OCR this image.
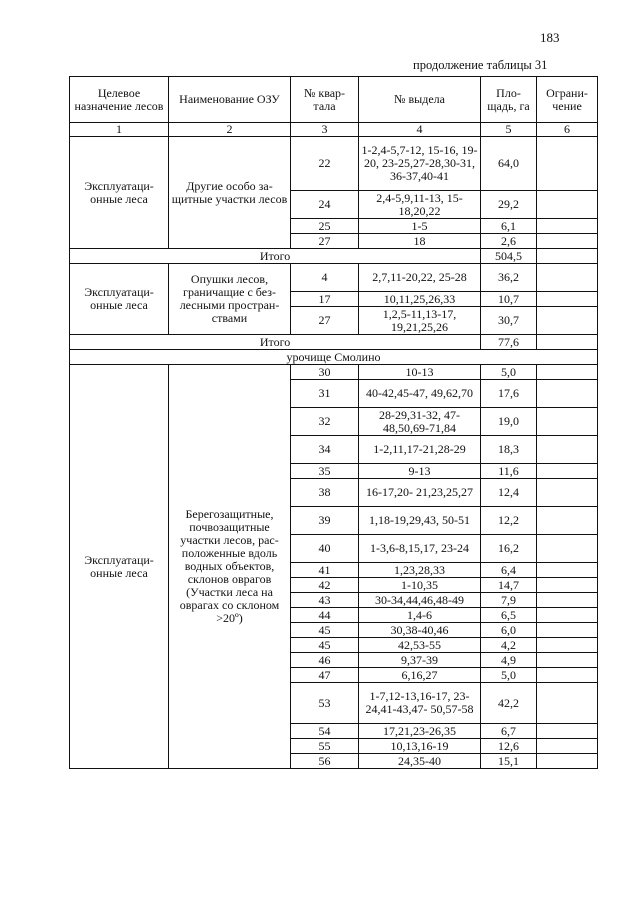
183
продолжение таблицы 31
Целевое назначение лесов	Наименование ОЗУ	№ квар-тала	№ выдела	Пло-щадь, га	Ограни-чение
1	2	3	4	5	6
Эксплуатаци-онные леса	Другие особо за-щитные участки лесов	22	1-2,4-5,7-12, 15-16, 19-20, 23-25,27-28,30-31, 36-37,40-41	64,0	
		24	2,4-5,9,11-13, 15-18,20,22	29,2	
		25	1-5	6,1	
		27	18	2,6	
Итого				504,5	
Эксплуатаци-онные леса	Опушки лесов, граничащие с без-лесными простран-ствами	4	2,7,11-20,22, 25-28	36,2	
		17	10,11,25,26,33	10,7	
		27	1,2,5-11,13-17, 19,21,25,26	30,7	
Итого				77,6	
урочище Смолино					
Эксплуатаци-онные леса	Берегозащитные, почвозащитные участки лесов, рас-положенные вдоль водных объектов, склонов оврагов (Участки леса на оврагах со склоном >20º)	30	10-13	5,0	
		31	40-42,45-47, 49,62,70	17,6	
		32	28-29,31-32, 47-48,50,69-71,84	19,0	
		34	1-2,11,17-21,28-29	18,3	
		35	9-13	11,6	
		38	16-17,20- 21,23,25,27	12,4	
		39	1,18-19,29,43, 50-51	12,2	
		40	1-3,6-8,15,17, 23-24	16,2	
		41	1,23,28,33	6,4	
		42	1-10,35	14,7	
		43	30-34,44,46,48-49	7,9	
		44	1,4-6	6,5	
		45	30,38-40,46	6,0	
		45	42,53-55	4,2	
		46	9,37-39	4,9	
		47	6,16,27	5,0	
		53	1-7,12-13,16-17, 23-24,41-43,47- 50,57-58	42,2	
		54	17,21,23-26,35	6,7	
		55	10,13,16-19	12,6	
		56	24,35-40	15,1	
